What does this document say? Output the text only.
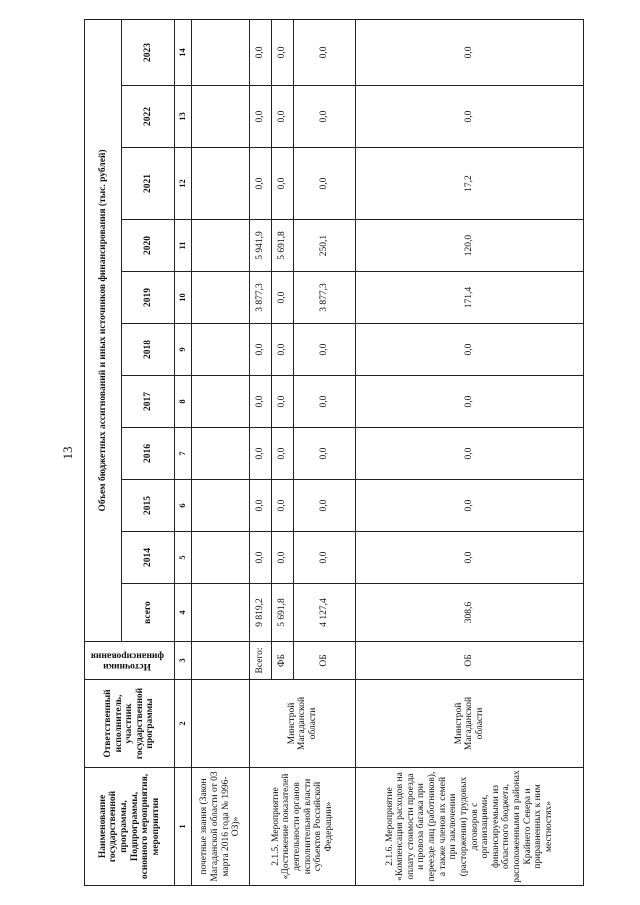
13
Наименование государственной программы, Подпрограммы, основного мероприятия, мероприятия	Ответственный исполнитель, участник государственной программы	Источники финансирования	Объем бюджетных ассигнований и иных источников финансирования (тыс. рублей)										
			всего	2014	2015	2016	2017	2018	2019	2020	2021	2022	2023
1	2	3	4	5	6	7	8	9	10	11	12	13	14
почетные звания (Закон Магаданской области от 03 марта 2016 года № 1996-ОЗ)»													
2.1.5. Мероприятие «Достижение показателей деятельности органов исполнительной власти субъектов Российской Федерации»	Минстрой Магаданской области	Всего:	9 819,2	0,0	0,0	0,0	0,0	0,0	3 877,3	5 941,9	0,0	0,0	0,0
		ФБ	5 691,8	0,0	0,0	0,0	0,0	0,0	0,0	5 691,8	0,0	0,0	0,0
		ОБ	4 127,4	0,0	0,0	0,0	0,0	0,0	3 877,3	250,1	0,0	0,0	0,0
2.1.6. Мероприятие «Компенсация расходов на оплату стоимости проезда и провоза багажа при переезде лиц (работников), а также членов их семей при заключении (расторжении) трудовых договоров с организациями, финансируемыми из областного бюджета, расположенными в районах Крайнего Севера и приравненных к ним местностях»	Минстрой Магаданской области	ОБ	308,6	0,0	0,0	0,0	0,0	0,0	171,4	120,0	17,2	0,0	0,0
